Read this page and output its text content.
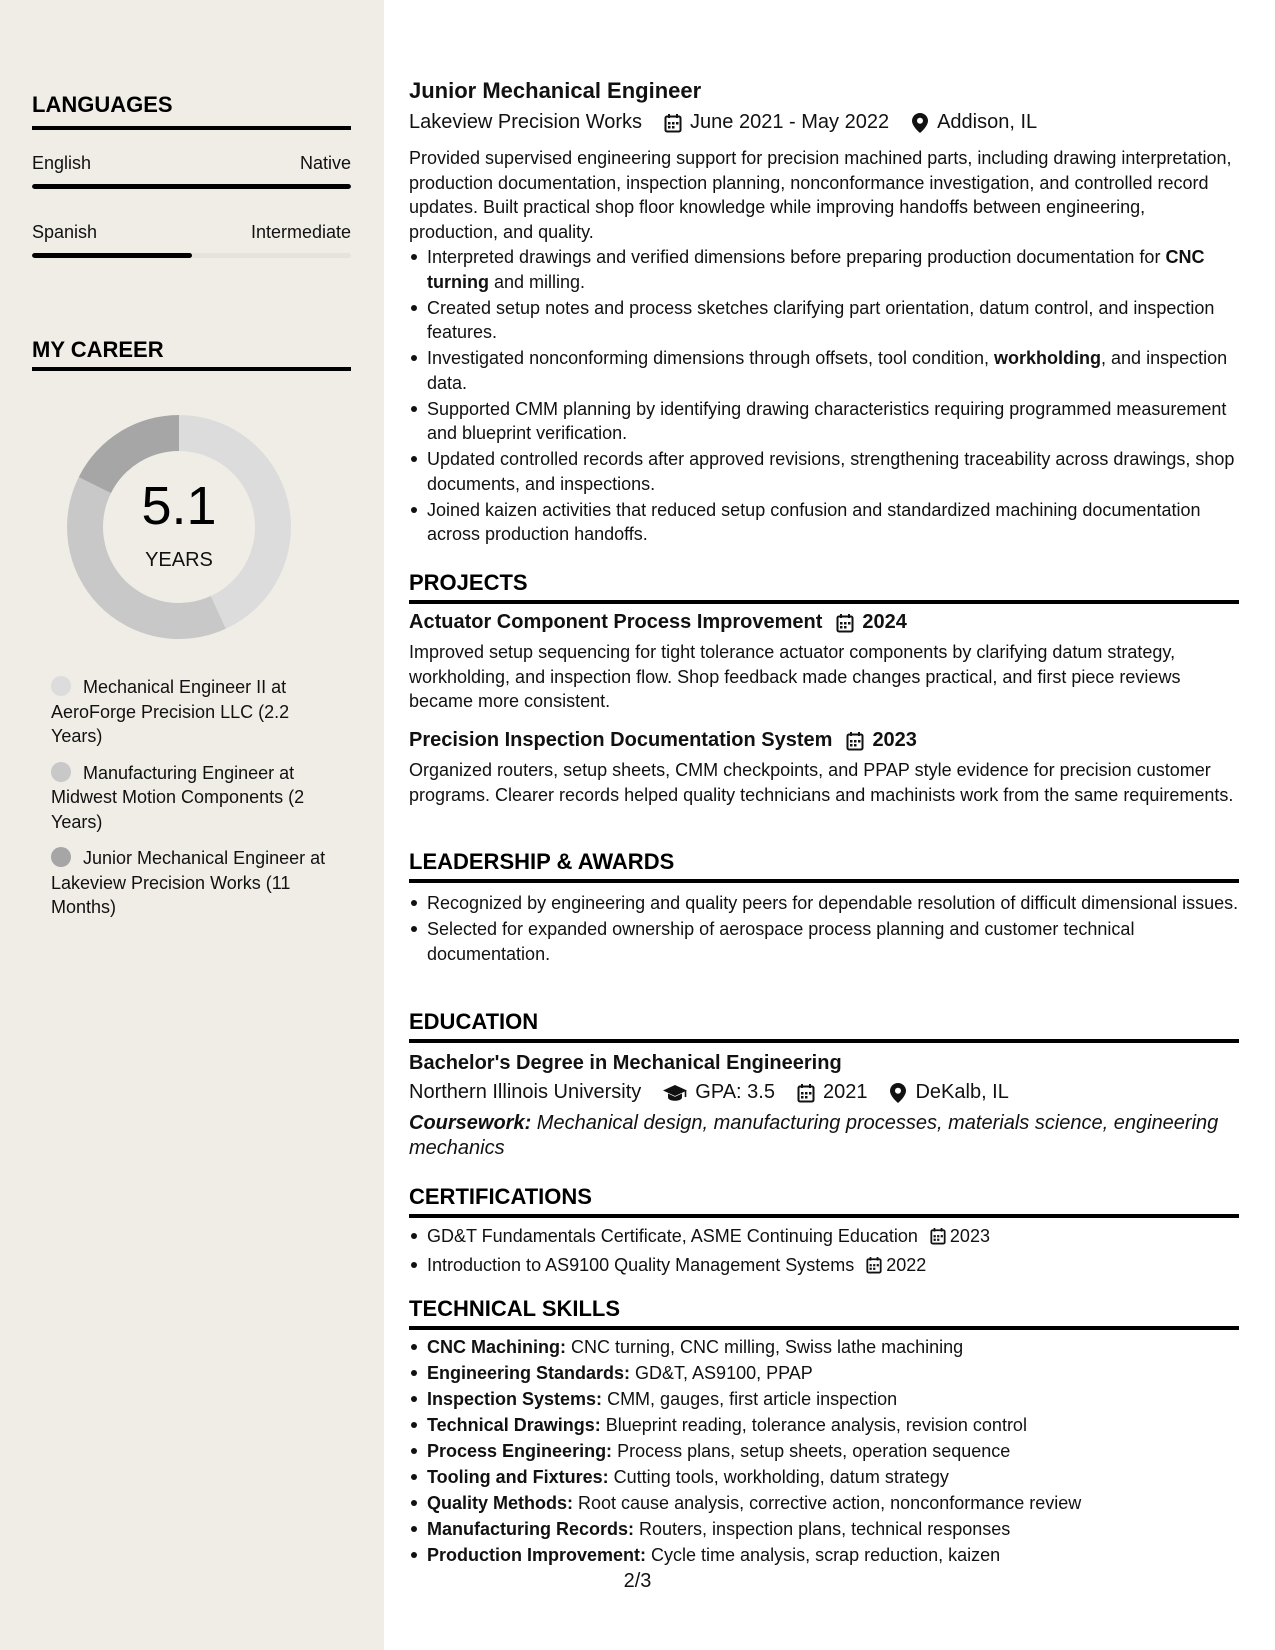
LANGUAGES
English	Native
Spanish	Intermediate
MY CAREER
5.1
YEARS
Mechanical Engineer II at AeroForge Precision LLC (2.2 Years)
Manufacturing Engineer at Midwest Motion Components (2 Years)
Junior Mechanical Engineer at Lakeview Precision Works (11 Months)
Junior Mechanical Engineer
Lakeview Precision Works June 2021 - May 2022 Addison, IL
Provided supervised engineering support for precision machined parts, including drawing interpretation, production documentation, inspection planning, nonconformance investigation, and controlled record updates. Built practical shop floor knowledge while improving handoffs between engineering, production, and quality.
Interpreted drawings and verified dimensions before preparing production documentation for CNC turning and milling.
Created setup notes and process sketches clarifying part orientation, datum control, and inspection features.
Investigated nonconforming dimensions through offsets, tool condition, workholding, and inspection data.
Supported CMM planning by identifying drawing characteristics requiring programmed measurement and blueprint verification.
Updated controlled records after approved revisions, strengthening traceability across drawings, shop documents, and inspections.
Joined kaizen activities that reduced setup confusion and standardized machining documentation across production handoffs.
PROJECTS
Actuator Component Process Improvement 2024
Improved setup sequencing for tight tolerance actuator components by clarifying datum strategy, workholding, and inspection flow. Shop feedback made changes practical, and first piece reviews became more consistent.
Precision Inspection Documentation System 2023
Organized routers, setup sheets, CMM checkpoints, and PPAP style evidence for precision customer programs. Clearer records helped quality technicians and machinists work from the same requirements.
LEADERSHIP & AWARDS
Recognized by engineering and quality peers for dependable resolution of difficult dimensional issues.
Selected for expanded ownership of aerospace process planning and customer technical documentation.
EDUCATION
Bachelor's Degree in Mechanical Engineering
Northern Illinois University	GPA: 3.5 2021 DeKalb, IL
Coursework: Mechanical design, manufacturing processes, materials science, engineering mechanics
CERTIFICATIONS
GD&T Fundamentals Certificate, ASME Continuing Education 2023
Introduction to AS9100 Quality Management Systems 2022
TECHNICAL SKILLS
CNC Machining: CNC turning, CNC milling, Swiss lathe machining
Engineering Standards: GD&T, AS9100, PPAP
Inspection Systems: CMM, gauges, first article inspection
Technical Drawings: Blueprint reading, tolerance analysis, revision control
Process Engineering: Process plans, setup sheets, operation sequence
Tooling and Fixtures: Cutting tools, workholding, datum strategy
Quality Methods: Root cause analysis, corrective action, nonconformance review
Manufacturing Records: Routers, inspection plans, technical responses
Production Improvement: Cycle time analysis, scrap reduction, kaizen
2/3
